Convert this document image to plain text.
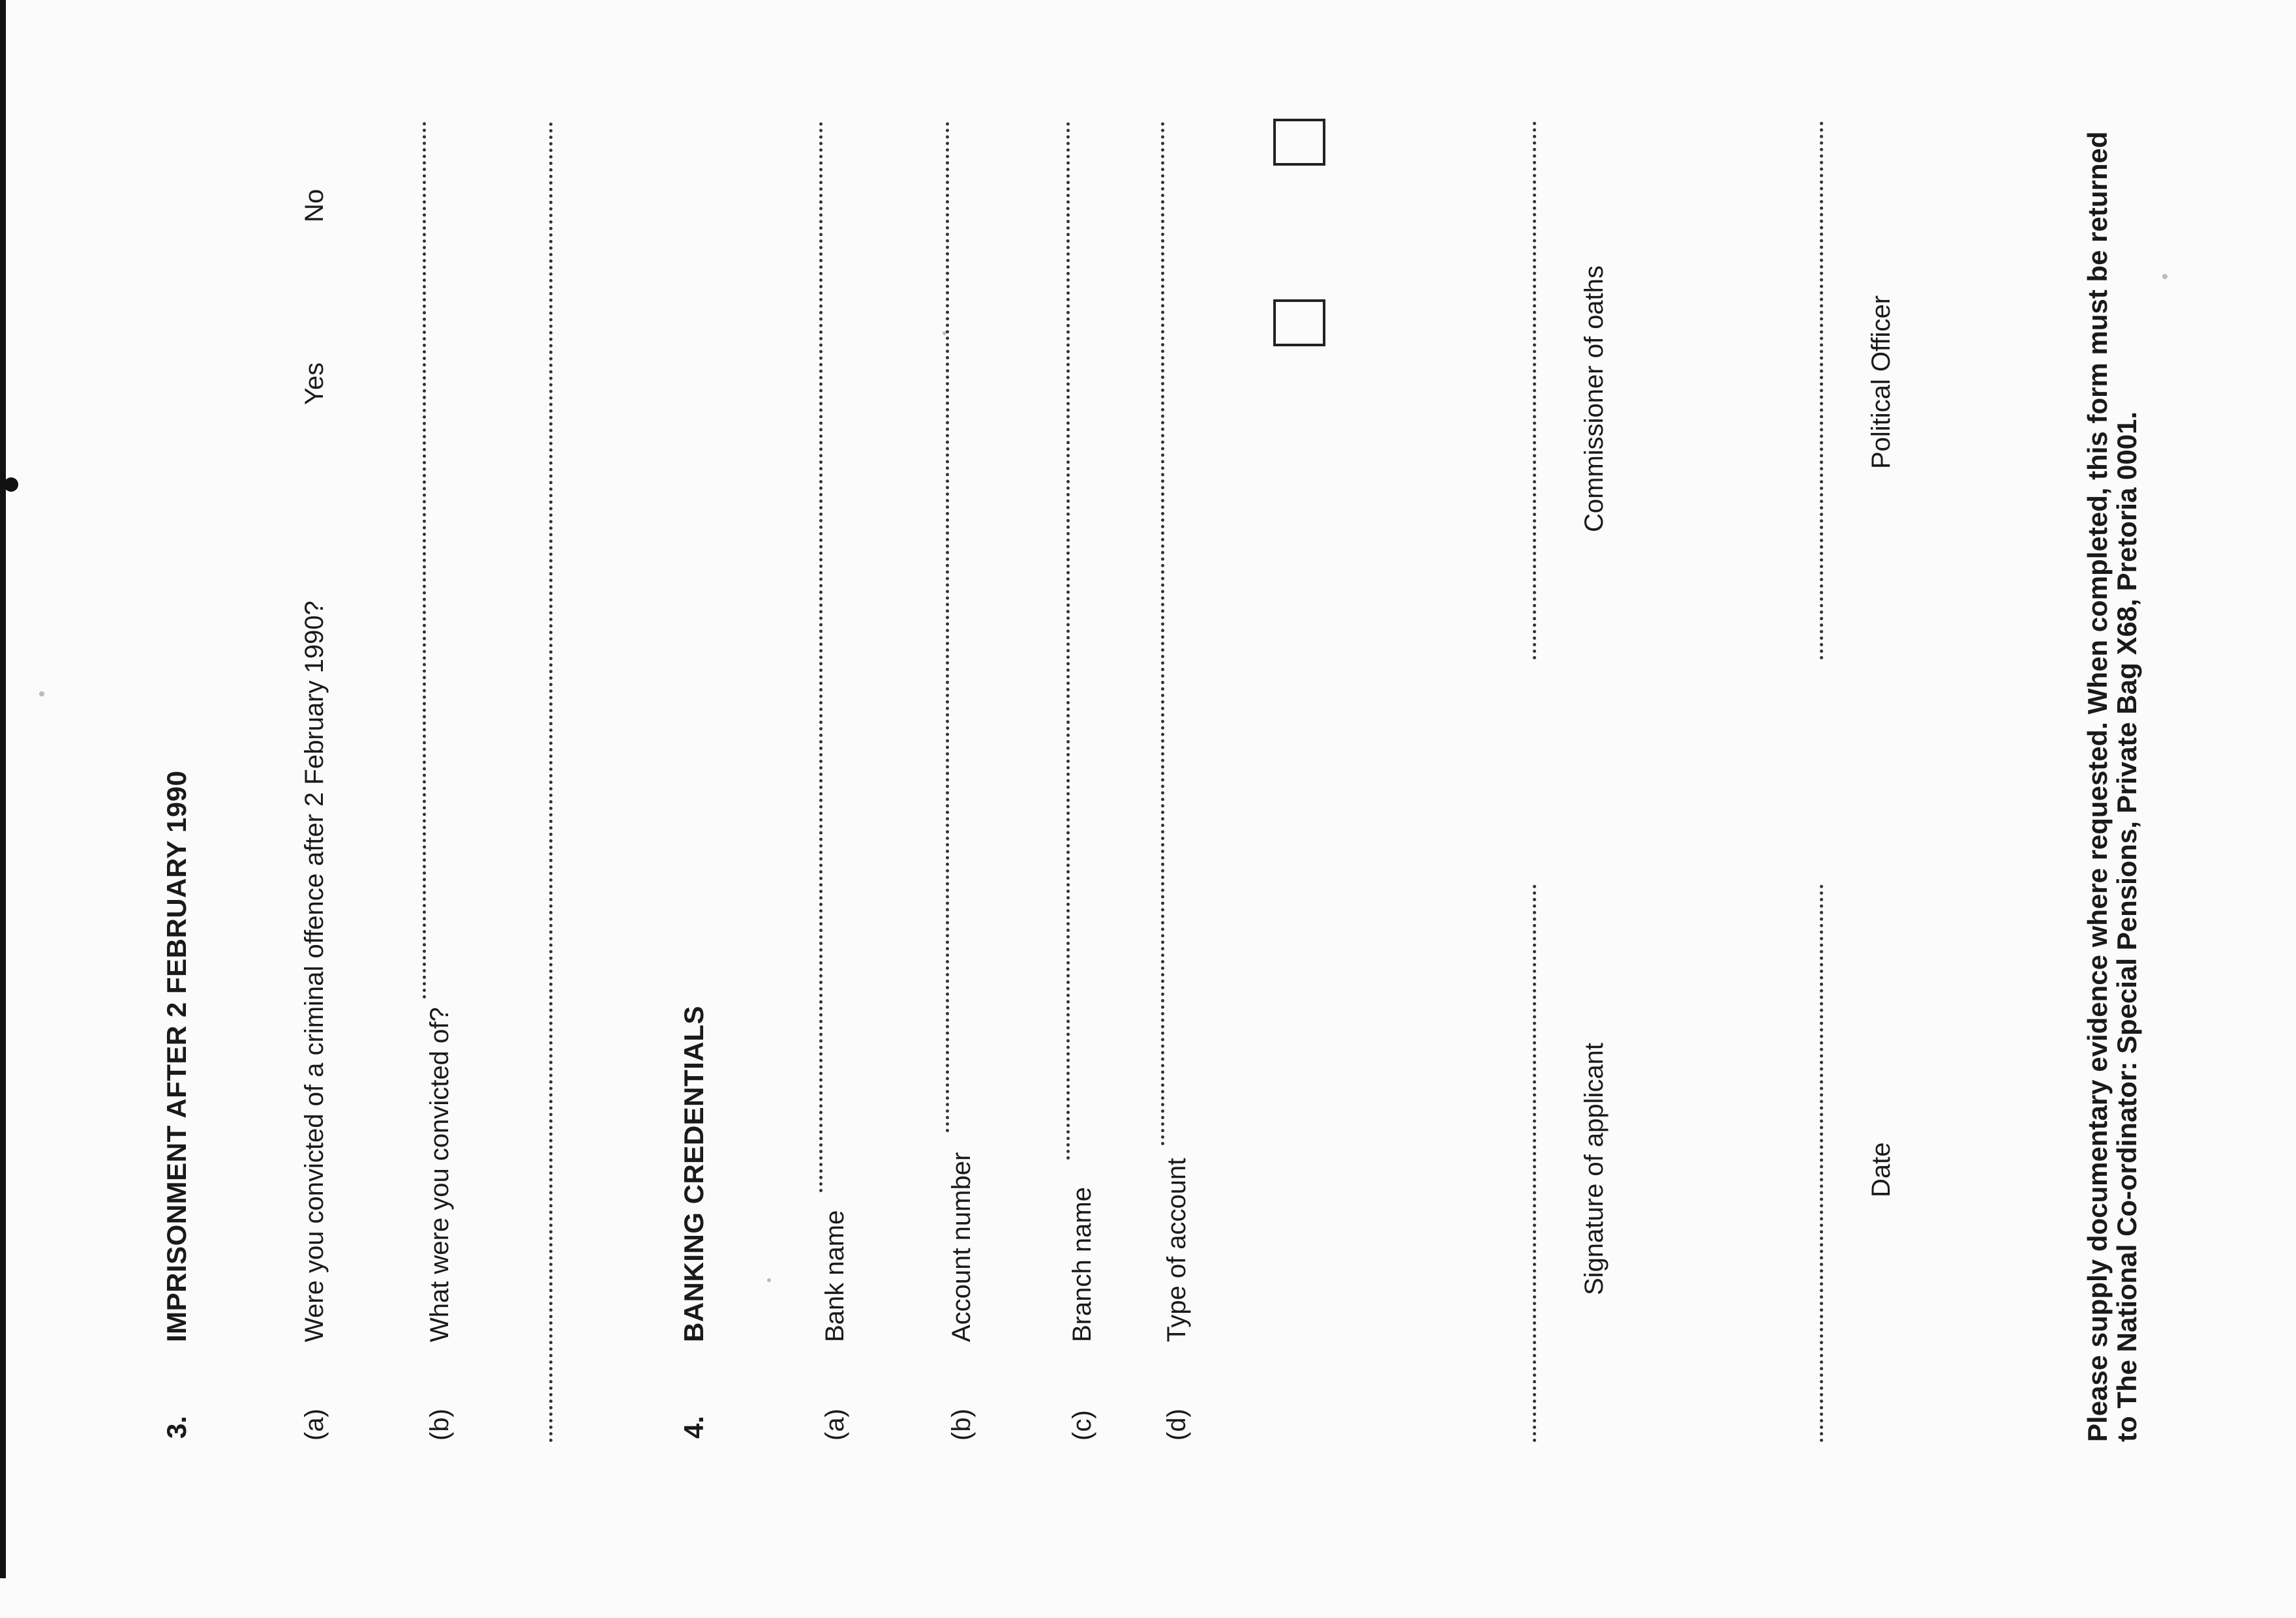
3.
IMPRISONMENT AFTER 2 FEBRUARY 1990
(a)
Were you convicted of a criminal offence after 2 February 1990?
Yes
No
(b)
What were you convicted of?
4.
BANKING CREDENTIALS
(a)
Bank name
(b)
Account number
(c)
Branch name
(d)
Type of account	Signature of applicant
Commissioner of oaths
Date
Political Officer	Please supply documentary evidence where requested. When completed, this form must be returned
to The National Co-ordinator: Special Pensions, Private Bag X68, Pretoria 0001.
